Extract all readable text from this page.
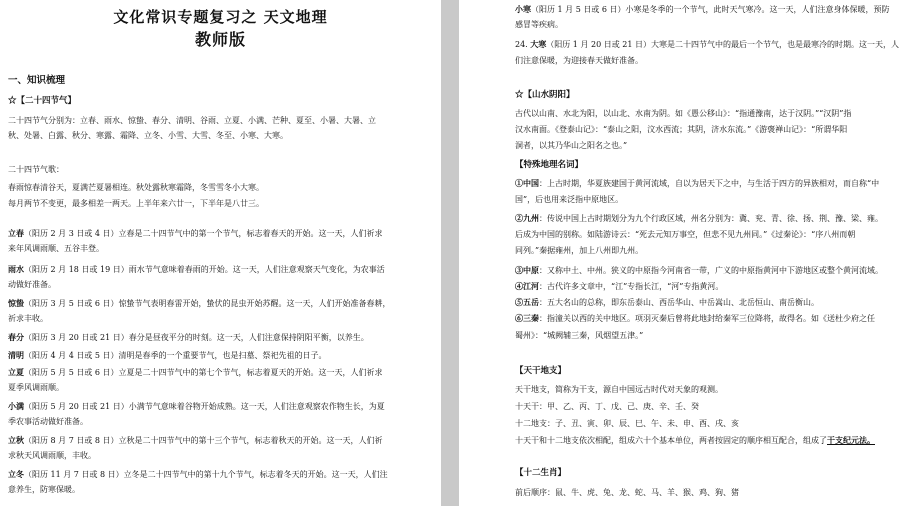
文化常识专题复习之 天文地理
教师版
一、知识梳理
☆【二十四节气】
二十四节气分别为：立春、雨水、惊蛰、春分、清明、谷雨、立夏、小满、芒种、夏至、小暑、大暑、立
秋、处暑、白露、秋分、寒露、霜降、立冬、小雪、大雪、冬至、小寒、大寒。
二十四节气歌：
春雨惊春清谷天，夏满芒夏暑相连。秋处露秋寒霜降，冬雪雪冬小大寒。
每月两节不变更，最多相差一两天。上半年来六廿一，下半年是八廿三。
立春（阳历 2 月 3 日或 4 日）立春是二十四节气中的第一个节气，标志着春天的开始。这一天，人们祈求
来年风调雨顺、五谷丰登。
雨水（阳历 2 月 18 日或 19 日）雨水节气意味着春雨的开始。这一天，人们注意观察天气变化，为农事活
动做好准备。
惊蛰（阳历 3 月 5 日或 6 日）惊蛰节气表明春雷开始，蛰伏的昆虫开始苏醒。这一天，人们开始准备春耕，
祈求丰收。
春分（阳历 3 月 20 日或 21 日）春分是昼夜平分的时刻。这一天，人们注意保持阴阳平衡，以养生。
清明（阳历 4 月 4 日或 5 日）清明是春季的一个重要节气，也是扫墓、祭祀先祖的日子。
立夏（阳历 5 月 5 日或 6 日）立夏是二十四节气中的第七个节气，标志着夏天的开始。这一天，人们祈求
夏季风调雨顺。
小满（阳历 5 月 20 日或 21 日）小满节气意味着谷物开始成熟。这一天，人们注意观察农作物生长，为夏
季农事活动做好准备。
立秋（阳历 8 月 7 日或 8 日）立秋是二十四节气中的第十三个节气，标志着秋天的开始。这一天，人们祈
求秋天风调雨顺，丰收。
立冬（阳历 11 月 7 日或 8 日）立冬是二十四节气中的第十九个节气，标志着冬天的开始。这一天，人们注
意养生，防寒保暖。
小寒（阳历 1 月 5 日或 6 日）小寒是冬季的一个节气，此时天气寒冷。这一天，人们注意身体保暖，预防
感冒等疾病。
24. 大寒（阳历 1 月 20 日或 21 日）大寒是二十四节气中的最后一个节气，也是最寒冷的时期。这一天，人
们注意保暖，为迎接春天做好准备。
☆【山水阴阳】
古代以山南、水北为阳，以山北、水南为阴。如《愚公移山》：“指通豫南，达于汉阴。”“汉阴”指
汉水南面。《登泰山记》：“泰山之阳，汶水西流；其阴，济水东流。”《游褒禅山记》：“所谓华阳
洞者，以其乃华山之阳名之也。”
【特殊地理名词】
①中国：上古时期，华夏族建国于黄河流域，自以为居天下之中，与生活于四方的异族相对，而自称“中
国”，后也用来泛指中原地区。
②九州：传说中国上古时期划分为九个行政区域，州名分别为：冀、兖、青、徐、扬、荆、豫、梁、雍。
后成为中国的别称。如陆游诗云：“死去元知万事空，但悲不见九州同。”《过秦论》：“序八州而朝
同列。”秦据雍州，加上八州即九州。
③中原：又称中土、中州。狭义的中原指今河南省一带，广义的中原指黄河中下游地区或整个黄河流域。
④江河：古代许多文章中，“江”专指长江，“河”专指黄河。
⑤五岳：五大名山的总称，即东岳泰山、西岳华山、中岳嵩山、北岳恒山、南岳衡山。
⑥三秦：指潼关以西的关中地区。项羽灭秦后曾将此地封给秦军三位降将，故得名。如《送杜少府之任
蜀州》：“城阙辅三秦，风烟望五津。”
【天干地支】
天干地支，简称为干支，源自中国远古时代对天象的观测。
十天干：甲、乙、丙、丁、戊、己、庚、辛、壬、癸
十二地支：子、丑、寅、卯、辰、巳、午、未、申、酉、戌、亥
十天干和十二地支依次相配，组成六十个基本单位，两者按固定的顺序相互配合，组成了干支纪元法。
【十二生肖】
前后顺序：鼠、牛、虎、兔、龙、蛇、马、羊、猴、鸡、狗、猪
